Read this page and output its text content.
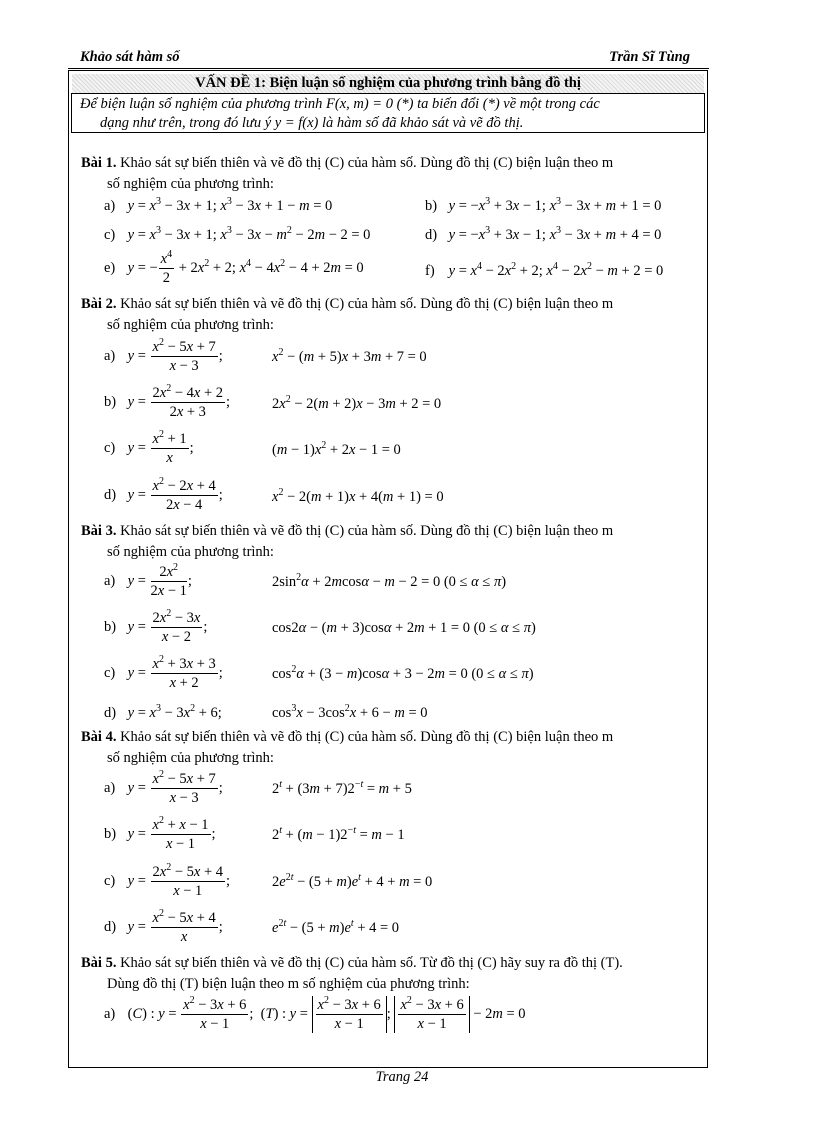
Khảo sát hàm số	Trần Sĩ Tùng
VẤN ĐỀ 1: Biện luận số nghiệm của phương trình bằng đồ thị
Để biện luận số nghiệm của phương trình F(x, m) = 0 (*) ta biến đổi (*) về một trong các
dạng như trên, trong đó lưu ý y = f(x) là hàm số đã khảo sát và vẽ đồ thị.
Bài 1. Khảo sát sự biến thiên và vẽ đồ thị (C) của hàm số. Dùng đồ thị (C) biện luận theo m
số nghiệm của phương trình:
a) $y = x^3 - 3x + 1$; $x^3 - 3x + 1 - m = 0$	b) $y = -x^3 + 3x - 1$; $x^3 - 3x + m + 1 = 0$
c) $y = x^3 - 3x + 1$; $x^3 - 3x - m^2 - 2m - 2 = 0$	d) $y = -x^3 + 3x - 1$; $x^3 - 3x + m + 4 = 0$
e) y = − $\frac{x^4}{2} + 2x^2 + 2$; $x^4 - 4x^2 - 4 + 2m = 0$	f) $y = x^4 - 2x^2 + 2$; $x^4 - 2x^2 - m + 2 = 0$
Bài 2. Khảo sát sự biến thiên và vẽ đồ thị (C) của hàm số. Dùng đồ thị (C) biện luận theo m
số nghiệm của phương trình:
a) $y = \frac{x^2 - 5x + 7}{x - 3}$ ;	$x^2 - (m + 5)x + 3m + 7 = 0$
b) $y = \frac{2x^2 - 4x + 2}{2x + 3}$ ;	$2x^2 - 2(m + 2)x - 3m + 2 = 0$
c) $y = \frac{x^2 + 1}{x}$ ;	$(m - 1)x^2 + 2x - 1 = 0$
d) $y = \frac{x^2 - 2x + 4}{2x - 4}$ ;	$x^2 - 2(m + 1)x + 4(m + 1) = 0$
Bài 3. Khảo sát sự biến thiên và vẽ đồ thị (C) của hàm số. Dùng đồ thị (C) biện luận theo m
số nghiệm của phương trình:
a) $y = \frac{2x^2}{2x - 1}$ ;	$2\sin^2\alpha + 2mcos\alpha - m - 2 = 0$ (0 ≤ α ≤ π)
b) $y = \frac{2x^2 - 3x}{x - 2}$ ;	cos2α − (m + 3)cosα + 2m + 1 = 0 (0 ≤ α ≤ π)
c) $y = \frac{x^2 + 3x + 3}{x + 2}$ ;	$\cos^2\alpha + (3 - m)\cos\alpha + 3 - 2m = 0$ (0 ≤ α ≤ π)
d) $y = x^3 - 3x^2 + 6$;	$\cos^3x - 3\cos^2x + 6 - m = 0$
Bài 4. Khảo sát sự biến thiên và vẽ đồ thị (C) của hàm số. Dùng đồ thị (C) biện luận theo m
số nghiệm của phương trình:
a) $y = \frac{x^2 - 5x + 7}{x - 3}$ ;	$2^t + (3m + 7)2^{-t} = m + 5$
b) $y = \frac{x^2 + x - 1}{x - 1}$ ;	$2^t + (m - 1)2^{-t} = m - 1$
c) $y = \frac{2x^2 - 5x + 4}{x - 1}$ ;	$2e^{2t} - (5 + m)e^t + 4 + m = 0$
d) $y = \frac{x^2 - 5x + 4}{x}$ ;	$e^{2t} - (5 + m)e^t + 4 = 0$
Bài 5. Khảo sát sự biến thiên và vẽ đồ thị (C) của hàm số. Từ đồ thị (C) hãy suy ra đồ thị (T).
Dùng đồ thị (T) biện luận theo m số nghiệm của phương trình:
a) (C) : $y = \frac{x^2 - 3x + 6}{x - 1}$ ;  (T) : $y = \frac{x^2 - 3x + 6}{x - 1}$ ; $\frac{x^2 - 3x + 6}{x - 1} - 2m = 0$
Trang 24
